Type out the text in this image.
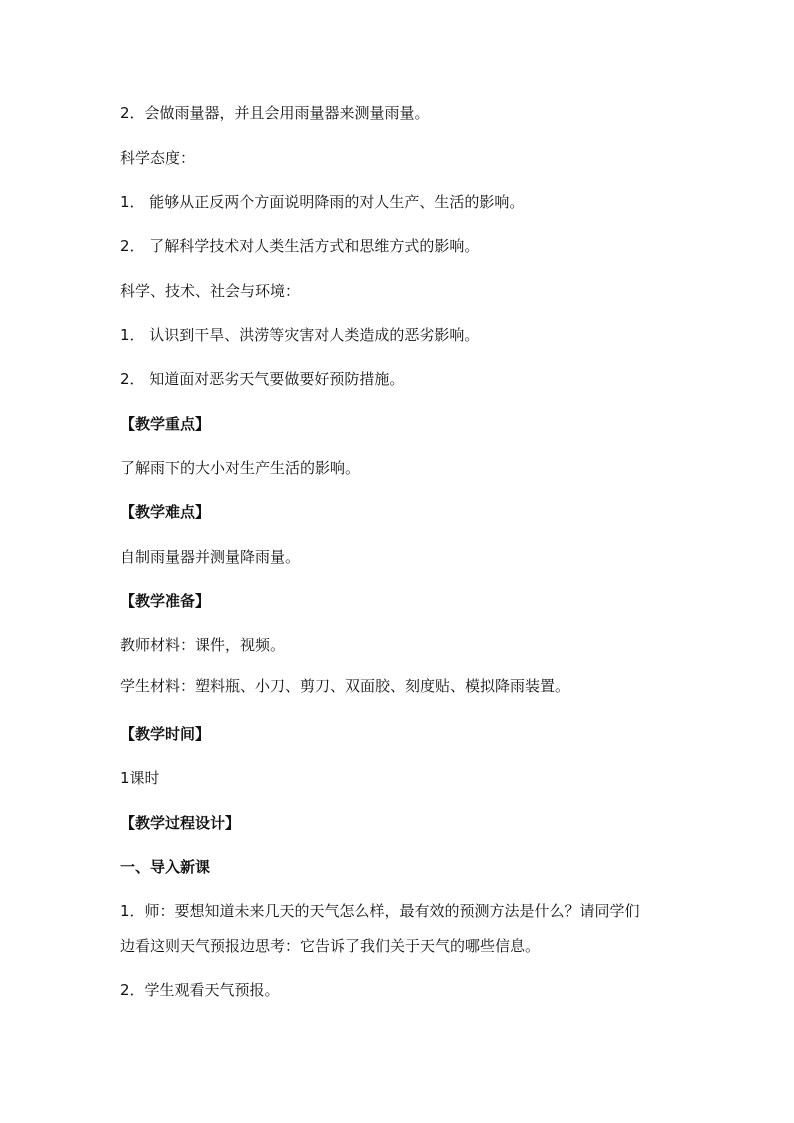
2．会做雨量器，并且会用雨量器来测量雨量。
科学态度：
1． 能够从正反两个方面说明降雨的对人生产、生活的影响。
2． 了解科学技术对人类生活方式和思维方式的影响。
科学、技术、社会与环境：
1． 认识到干旱、洪涝等灾害对人类造成的恶劣影响。
2． 知道面对恶劣天气要做要好预防措施。
【教学重点】
了解雨下的大小对生产生活的影响。
【教学难点】
自制雨量器并测量降雨量。
【教学准备】
教师材料：课件，视频。
学生材料：塑料瓶、小刀、剪刀、双面胶、刻度贴、模拟降雨装置。
【教学时间】
1课时
【教学过程设计】
一、导入新课
1．师：要想知道未来几天的天气怎么样，最有效的预测方法是什么？请同学们
边看这则天气预报边思考：它告诉了我们关于天气的哪些信息。
2．学生观看天气预报。
